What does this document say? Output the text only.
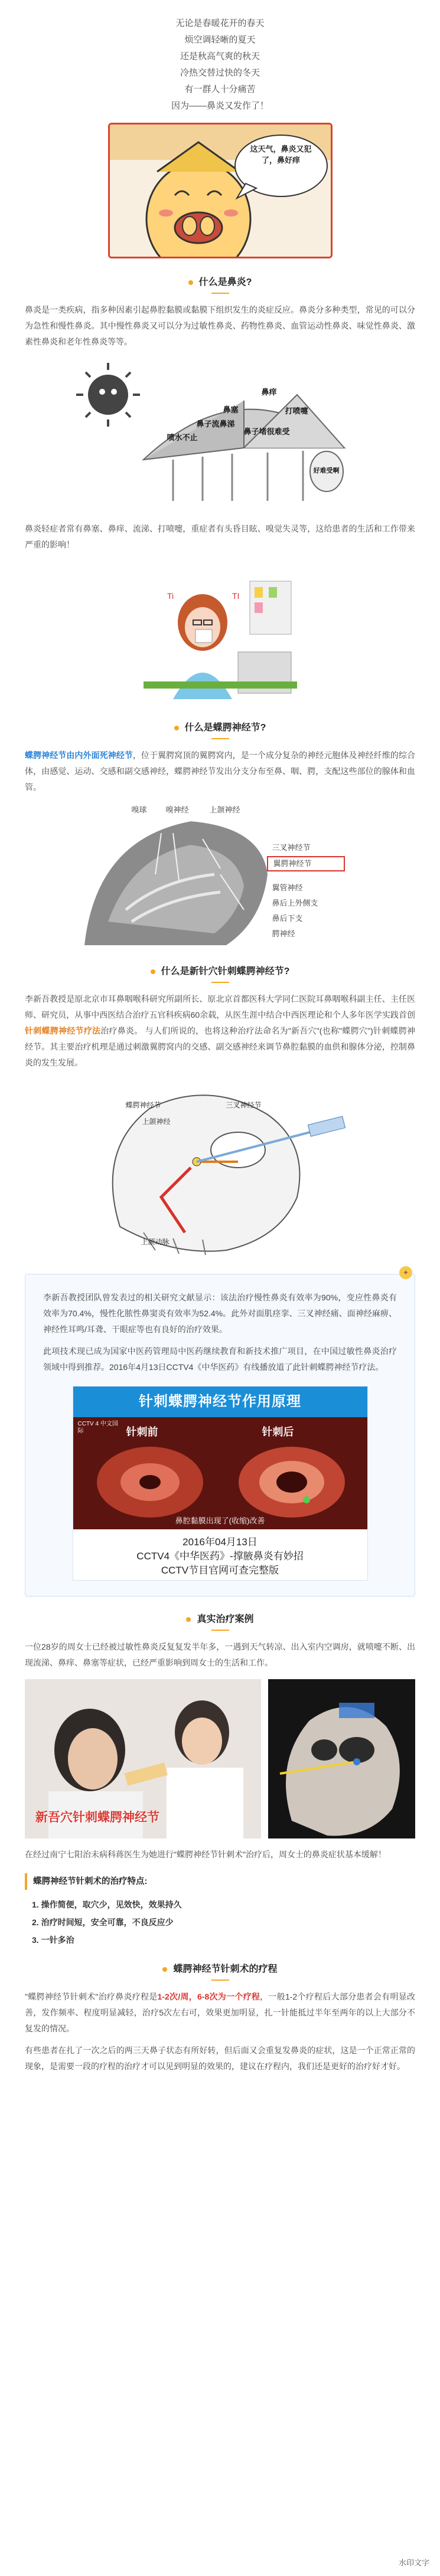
无论是春暖花开的春天

烦空调轻晰的夏天

还是秋高气爽的秋天

冷热交替过快的冬天

有一群人十分痛苦

因为——鼻炎又发作了！

这天气，鼻炎又犯了，鼻好痒
什么是鼻炎?

鼻炎是一类疾病，指多种因素引起鼻腔黏膜或黏膜下组织发生的炎症反应。鼻炎分多种类型，常见的可以分为急性和慢性鼻炎。其中慢性鼻炎又可以分为过敏性鼻炎、药物性鼻炎、血管运动性鼻炎、味觉性鼻炎、激素性鼻炎和老年性鼻炎等等。

鼻痒
打喷嚏
鼻塞
喷水不止
鼻子堵很难受
鼻子流鼻涕
好难受啊

鼻炎轻症者常有鼻塞、鼻痒、流涕、打喷嚏，重症者有头昏目眩、嗅觉失灵等，这给患者的生活和工作带来严重的影响！

Ti	TI
什么是蝶腭神经节?

蝶腭神经节由内外面死神经节，位于翼腭窝顶的翼腭窝内，是一个成分复杂的神经元胞体及神经纤维的综合体，由感觉、运动、交感和副交感神经，蝶腭神经节发出分支分布至鼻、咽、腭，支配这些部位的腺体和血管。

嗅球 嗅神经	上颌神经
三叉神经节
翼腭神经节
翼管神经
鼻后上外侧支
鼻后下支
腭神经
什么是新针穴针刺蝶腭神经节?

李新吾教授是原北京市耳鼻咽喉科研究所副所长、原北京首都医科大学同仁医院耳鼻咽喉科副主任、主任医师、研究员，从事中西医结合治疗五官科疾病60余载，从医生涯中结合中西医理论和个人多年医学实践首创针刺蝶腭神经节疗法治疗鼻炎。 与人们所说的，也将这种治疗法命名为"新吾穴"(也称"蝶腭穴")针刺蝶腭神经节。其主要治疗机理是通过刺激翼腭窝内的交感、副交感神经来调节鼻腔黏膜的血供和腺体分泌，控制鼻炎的发生发展。

蝶腭神经节	三叉神经节
上颌神经
上颌动脉
✦

李新吾教授团队曾发表过的相关研究文献显示：该法治疗慢性鼻炎有效率为90%，变应性鼻炎有效率为70.4%，慢性化脓性鼻窦炎有效率为52.4%。此外对面肌痉挛、三叉神经痛、面神经麻痹、神经性耳鸣/耳聋、干眼症等也有良好的治疗效果。

此项技术现已成为国家中医药管理局中医药继续教育和新技术推广项目，在中国过敏性鼻炎治疗领域中得到推荐。2016年4月13日CCTV4《中华医药》有线播放道了此针刺蝶腭神经节疗法。

针刺蝶腭神经节作用原理
CCTV 4 中文国际	针刺前	针刺后
鼻腔黏膜出现了(收缩)改善
2016年04月13日
CCTV4《中华医药》-撑腋鼻炎有妙招
CCTV节目官网可查完整版
真实治疗案例

一位28岁的周女士已经被过敏性鼻炎反复复发半年多，一遇到天气转凉、出入室内空调房，就喷嚏不断、出现流涕、鼻痒、鼻塞等症状，已经严重影响到周女士的生活和工作。

新吾穴针刺蝶腭神经节

在经过南宁七阳治未病科蒋医生为她进行"蝶腭神经节针刺术"治疗后，周女士的鼻炎症状基本缓解！

蝶腭神经节针刺术的治疗特点:
1. 操作简便，取穴少，见效快，效果持久
2. 治疗时间短，安全可靠，不良反应少
3. 一针多治
蝶腭神经节针刺术的疗程

"蝶腭神经节针刺术"治疗鼻炎疗程是1-2次/周，6-8次为一个疗程，一般1-2个疗程后大部分患者会有明显改善，发作频率、程度明显减轻，治疗5次左右可，效果更加明显，扎一针能抵过半年至两年的以上大部分不复发的情况。

有些患者在扎了一次之后的两三天鼻子状态有所好转，但后面又会重复发鼻炎的症状，这是一个正常正常的现象，是需要一段的疗程的治疗才可以见到明显的效果的，建议在疗程内，我们还是更好的治疗好才好。

水印文字
